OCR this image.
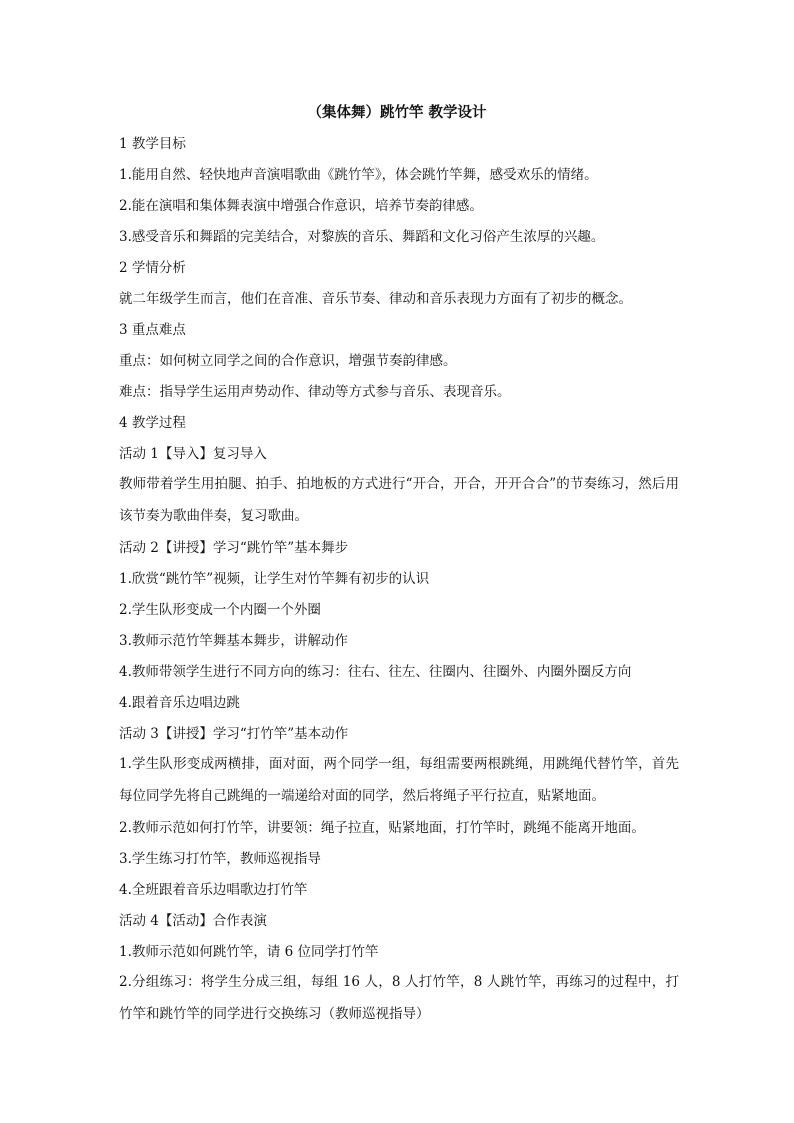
（集体舞）跳竹竿 教学设计
1 教学目标
1.能用自然、轻快地声音演唱歌曲《跳竹竿》，体会跳竹竿舞，感受欢乐的情绪。
2.能在演唱和集体舞表演中增强合作意识，培养节奏韵律感。
3.感受音乐和舞蹈的完美结合，对黎族的音乐、舞蹈和文化习俗产生浓厚的兴趣。
2 学情分析
就二年级学生而言，他们在音准、音乐节奏、律动和音乐表现力方面有了初步的概念。
3 重点难点
重点：如何树立同学之间的合作意识，增强节奏韵律感。
难点：指导学生运用声势动作、律动等方式参与音乐、表现音乐。
4 教学过程
活动 1【导入】复习导入
教师带着学生用拍腿、拍手、拍地板的方式进行“开合，开合，开开合合”的节奏练习，然后用该节奏为歌曲伴奏，复习歌曲。
活动 2【讲授】学习“跳竹竿”基本舞步
1.欣赏“跳竹竿”视频，让学生对竹竿舞有初步的认识
2.学生队形变成一个内圈一个外圈
3.教师示范竹竿舞基本舞步，讲解动作
4.教师带领学生进行不同方向的练习：往右、往左、往圈内、往圈外、内圈外圈反方向
4.跟着音乐边唱边跳
活动 3【讲授】学习“打竹竿”基本动作
1.学生队形变成两横排，面对面，两个同学一组，每组需要两根跳绳，用跳绳代替竹竿，首先每位同学先将自己跳绳的一端递给对面的同学，然后将绳子平行拉直，贴紧地面。
2.教师示范如何打竹竿，讲要领：绳子拉直，贴紧地面，打竹竿时，跳绳不能离开地面。
3.学生练习打竹竿，教师巡视指导
4.全班跟着音乐边唱歌边打竹竿
活动 4【活动】合作表演
1.教师示范如何跳竹竿，请 6 位同学打竹竿
2.分组练习：将学生分成三组，每组 16 人，8 人打竹竿，8 人跳竹竿，再练习的过程中，打竹竿和跳竹竿的同学进行交换练习（教师巡视指导）
